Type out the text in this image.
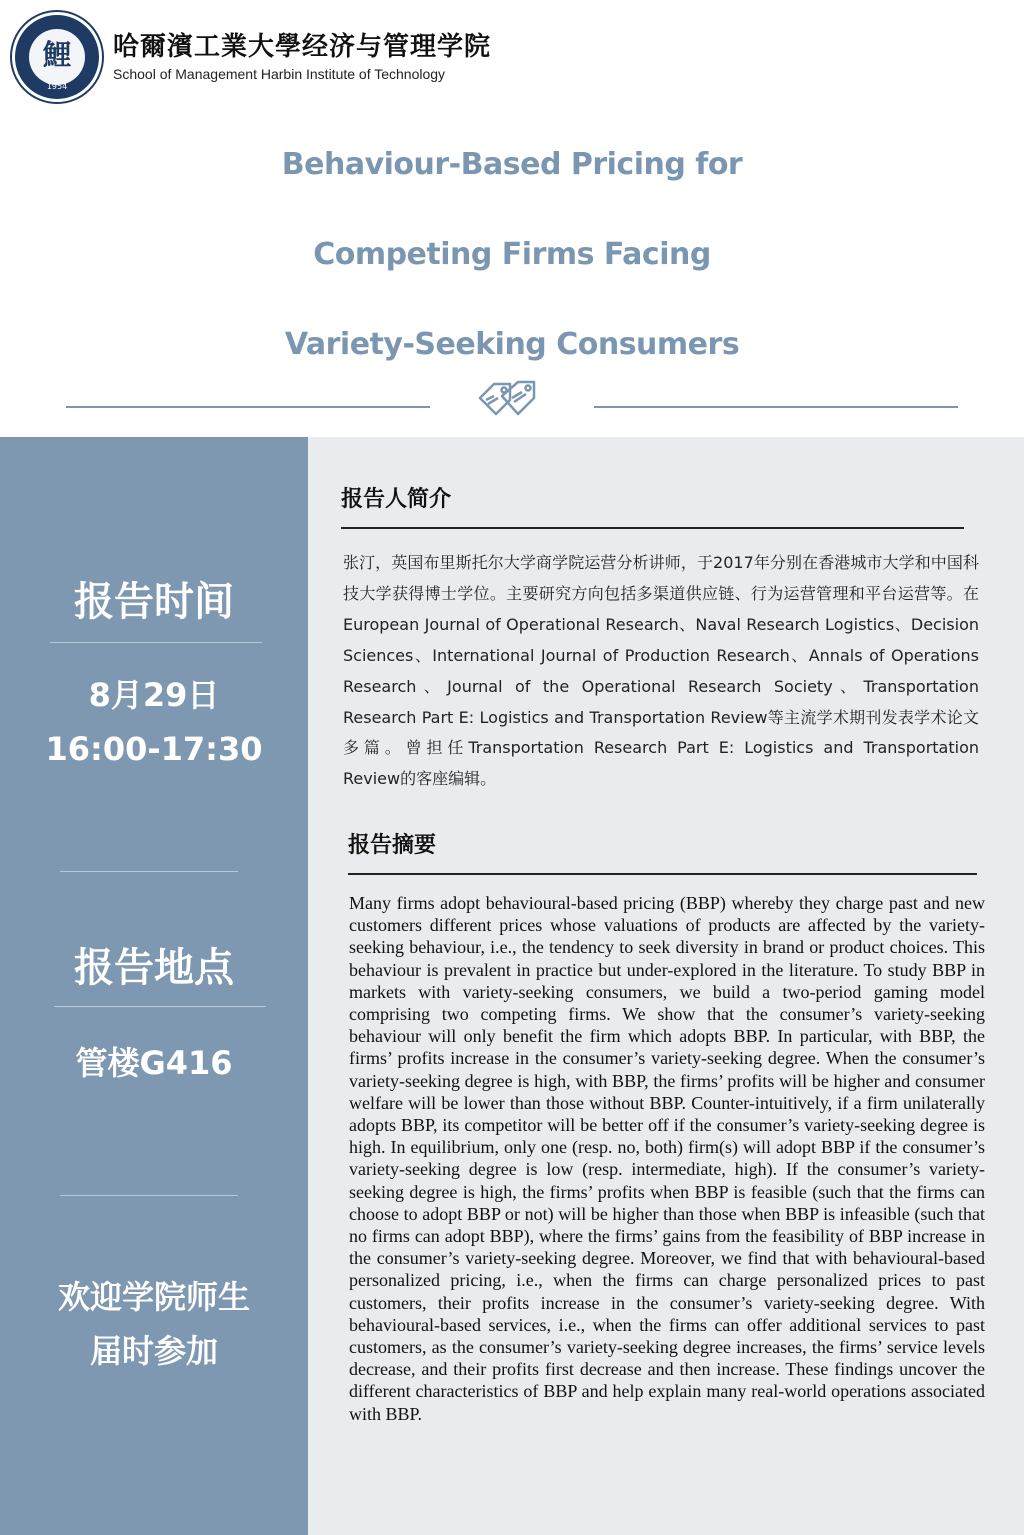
鯉
1954
哈爾濱工業大學经济与管理学院
School of Management Harbin Institute of Technology
Behaviour-Based Pricing for
Competing Firms Facing
Variety-Seeking Consumers
报告时间
8月29日
16:00-17:30
报告地点
管楼G416
欢迎学院师生
届时参加
报告人简介
张汀，英国布里斯托尔大学商学院运营分析讲师，于2017年分别在香港城市大学和中国科技大学获得博士学位。主要研究方向包括多渠道供应链、行为运营管理和平台运营等。在European Journal of Operational Research、Naval Research Logistics、Decision Sciences、International Journal of Production Research、Annals of Operations Research、Journal of the Operational Research Society、Transportation Research Part E: Logistics and Transportation Review等主流学术期刊发表学术论文多篇。曾担任Transportation Research Part E: Logistics and Transportation Review的客座编辑。
报告摘要
Many firms adopt behavioural-based pricing (BBP) whereby they charge past and new customers different prices whose valuations of products are affected by the variety-seeking behaviour, i.e., the tendency to seek diversity in brand or product choices. This behaviour is prevalent in practice but under-explored in the literature. To study BBP in markets with variety-seeking consumers, we build a two-period gaming model comprising two competing firms. We show that the consumer’s variety-seeking behaviour will only benefit the firm which adopts BBP. In particular, with BBP, the firms’ profits increase in the consumer’s variety-seeking degree. When the consumer’s variety-seeking degree is high, with BBP, the firms’ profits will be higher and consumer welfare will be lower than those without BBP. Counter-intuitively, if a firm unilaterally adopts BBP, its competitor will be better off if the consumer’s variety-seeking degree is high. In equilibrium, only one (resp. no, both) firm(s) will adopt BBP if the consumer’s variety-seeking degree is low (resp. intermediate, high). If the consumer’s variety-seeking degree is high, the firms’ profits when BBP is feasible (such that the firms can choose to adopt BBP or not) will be higher than those when BBP is infeasible (such that no firms can adopt BBP), where the firms’ gains from the feasibility of BBP increase in the consumer’s variety-seeking degree. Moreover, we find that with behavioural-based personalized pricing, i.e., when the firms can charge personalized prices to past customers, their profits increase in the consumer’s variety-seeking degree. With behavioural-based services, i.e., when the firms can offer additional services to past customers, as the consumer’s variety-seeking degree increases, the firms’ service levels decrease, and their profits first decrease and then increase. These findings uncover the different characteristics of BBP and help explain many real-world operations associated with BBP.
